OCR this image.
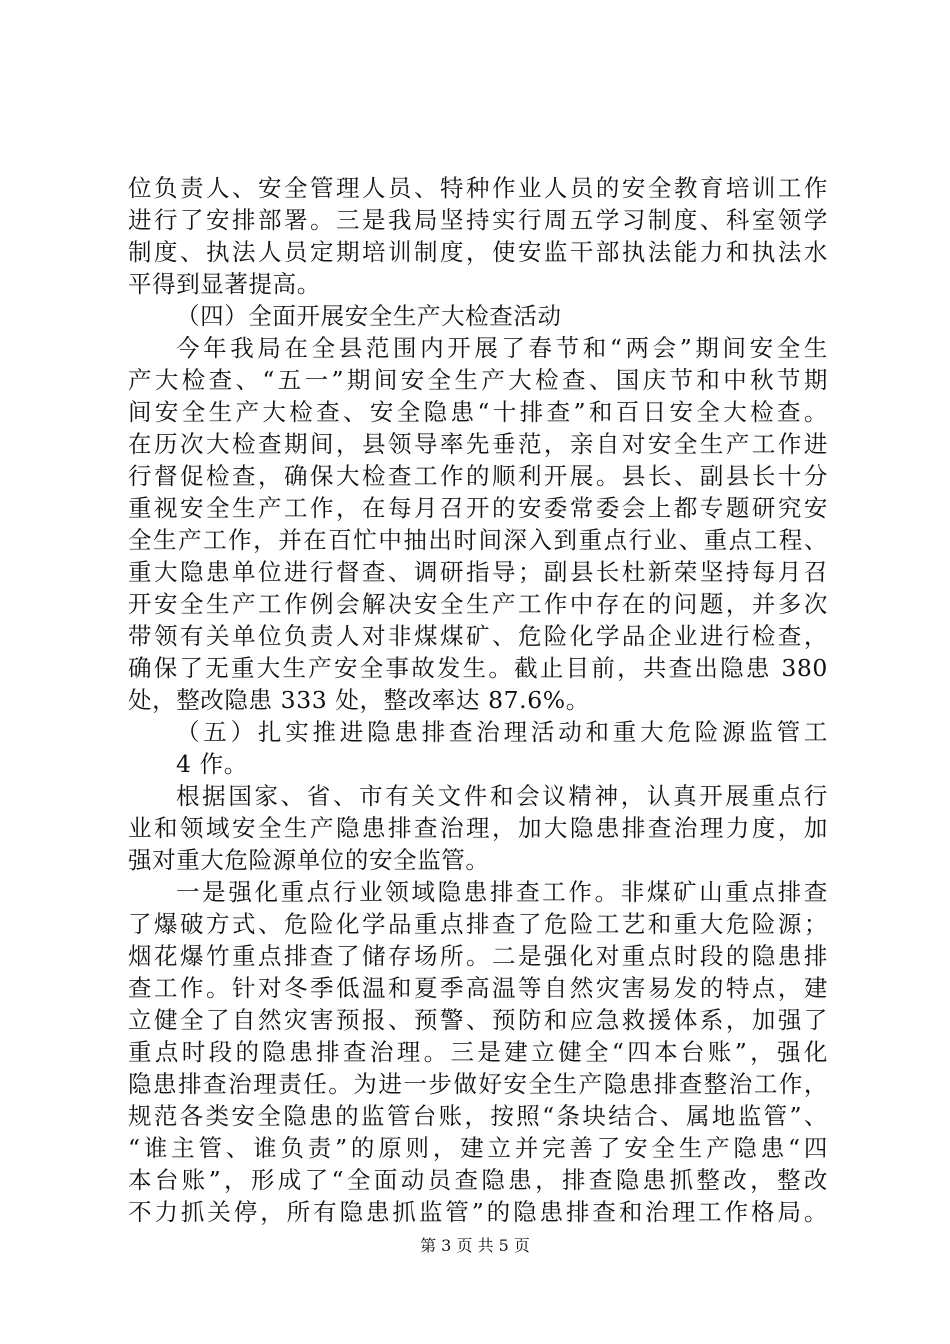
位负责人、安全管理人员、特种作业人员的安全教育培训工作
进行了安排部署。三是我局坚持实行周五学习制度、科室领学
制度、执法人员定期培训制度，使安监干部执法能力和执法水
平得到显著提高。
（四）全面开展安全生产大检查活动
今年我局在全县范围内开展了春节和“两会”期间安全生
产大检查、“五一”期间安全生产大检查、国庆节和中秋节期
间安全生产大检查、安全隐患“十排查”和百日安全大检查。
在历次大检查期间，县领导率先垂范，亲自对安全生产工作进
行督促检查，确保大检查工作的顺利开展。县长、副县长十分
重视安全生产工作，在每月召开的安委常委会上都专题研究安
全生产工作，并在百忙中抽出时间深入到重点行业、重点工程、
重大隐患单位进行督查、调研指导；副县长杜新荣坚持每月召
开安全生产工作例会解决安全生产工作中存在的问题，并多次
带领有关单位负责人对非煤煤矿、危险化学品企业进行检查，
确保了无重大生产安全事故发生。截止目前，共查出隐患 380
处，整改隐患 333 处，整改率达 87.6%。
（五）扎实推进隐患排查治理活动和重大危险源监管工
4 作。
根据国家、省、市有关文件和会议精神，认真开展重点行
业和领域安全生产隐患排查治理，加大隐患排查治理力度，加
强对重大危险源单位的安全监管。
一是强化重点行业领域隐患排查工作。非煤矿山重点排查
了爆破方式、危险化学品重点排查了危险工艺和重大危险源；
烟花爆竹重点排查了储存场所。二是强化对重点时段的隐患排
查工作。针对冬季低温和夏季高温等自然灾害易发的特点，建
立健全了自然灾害预报、预警、预防和应急救援体系，加强了
重点时段的隐患排查治理。三是建立健全“四本台账”，强化
隐患排查治理责任。为进一步做好安全生产隐患排查整治工作，
规范各类安全隐患的监管台账，按照“条块结合、属地监管”、
“谁主管、谁负责”的原则，建立并完善了安全生产隐患“四
本台账”，形成了“全面动员查隐患，排查隐患抓整改，整改
不力抓关停，所有隐患抓监管”的隐患排查和治理工作格局。
第 3 页 共 5 页
